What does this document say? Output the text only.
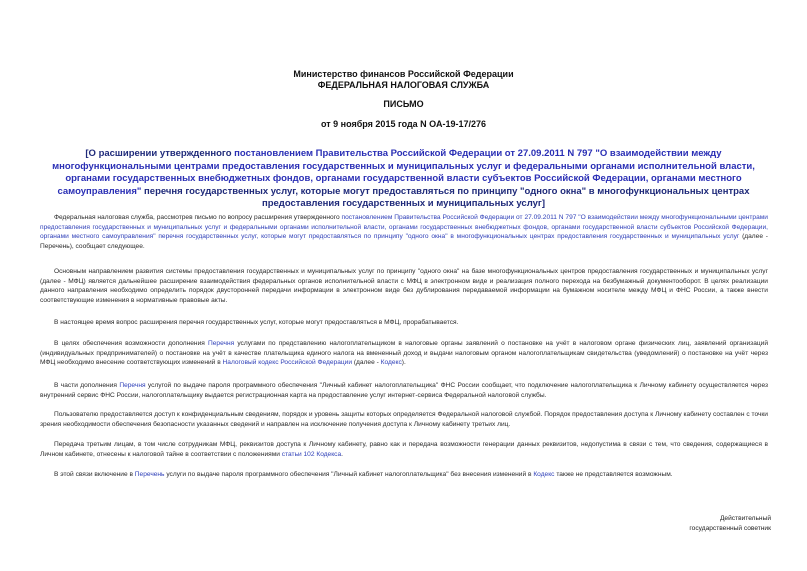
Министерство финансов Российской Федерации
ФЕДЕРАЛЬНАЯ НАЛОГОВАЯ СЛУЖБА
ПИСЬМО
от 9 ноября 2015 года N ОА-19-17/276
[О расширении утвержденного постановлением Правительства Российской Федерации от 27.09.2011 N 797 "О взаимодействии между многофункциональными центрами предоставления государственных и муниципальных услуг и федеральными органами исполнительной власти, органами государственных внебюджетных фондов, органами государственной власти субъектов Российской Федерации, органами местного самоуправления" перечня государственных услуг, которые могут предоставляться по принципу "одного окна" в многофункциональных центрах предоставления государственных и муниципальных услуг]
Федеральная налоговая служба, рассмотрев письмо по вопросу расширения утвержденного постановлением Правительства Российской Федерации от 27.09.2011 N 797 "О взаимодействии между многофункциональными центрами предоставления государственных и муниципальных услуг и федеральными органами исполнительной власти, органами государственных внебюджетных фондов, органами государственной власти субъектов Российской Федерации, органами местного самоуправления" перечня государственных услуг, которые могут предоставляться по принципу "одного окна" в многофункциональных центрах предоставления государственных и муниципальных услуг (далее - Перечень), сообщает следующее.
Основным направлением развития системы предоставления государственных и муниципальных услуг по принципу "одного окна" на базе многофункциональных центров предоставления государственных и муниципальных услуг (далее - МФЦ) является дальнейшее расширение взаимодействия федеральных органов исполнительной власти с МФЦ в электронном виде и реализация полного перехода на безбумажный документооборот. В целях реализации данного направления необходимо определить порядок двусторонней передачи информации в электронном виде без дублирования передаваемой информации на бумажном носителе между МФЦ и ФНС России, а также внести соответствующие изменения в нормативные правовые акты.
В настоящее время вопрос расширения перечня государственных услуг, которые могут предоставляться в МФЦ, прорабатывается.
В целях обеспечения возможности дополнения Перечня услугами по представлению налогоплательщиком в налоговые органы заявлений о постановке на учёт в налоговом органе физических лиц, заявлений организаций (индивидуальных предпринимателей) о постановке на учёт в качестве плательщика единого налога на вмененный доход и выдачи налоговым органом налогоплательщикам свидетельства (уведомлений) о постановке на учёт через МФЦ необходимо внесение соответствующих изменений в Налоговый кодекс Российской Федерации (далее - Кодекс).
В части дополнения Перечня услугой по выдаче пароля программного обеспечения "Личный кабинет налогоплательщика" ФНС России сообщает, что подключение налогоплательщика к Личному кабинету осуществляется через внутренний сервис ФНС России, налогоплательщику выдается регистрационная карта на предоставление услуг интернет-сервиса Федеральной налоговой службы.
Пользователю предоставляется доступ к конфиденциальным сведениям, порядок и уровень защиты которых определяется Федеральной налоговой службой. Порядок предоставления доступа к Личному кабинету составлен с точки зрения необходимости обеспечения безопасности указанных сведений и направлен на исключение получения доступа к Личному кабинету третьих лиц.
Передача третьим лицам, в том числе сотрудникам МФЦ, реквизитов доступа к Личному кабинету, равно как и передача возможности генерации данных реквизитов, недопустима в связи с тем, что сведения, содержащиеся в Личном кабинете, отнесены к налоговой тайне в соответствии с положениями статьи 102 Кодекса.
В этой связи включение в Перечень услуги по выдаче пароля программного обеспечения "Личный кабинет налогоплательщика" без внесения изменений в Кодекс также не представляется возможным.
Действительный
государственный советник
